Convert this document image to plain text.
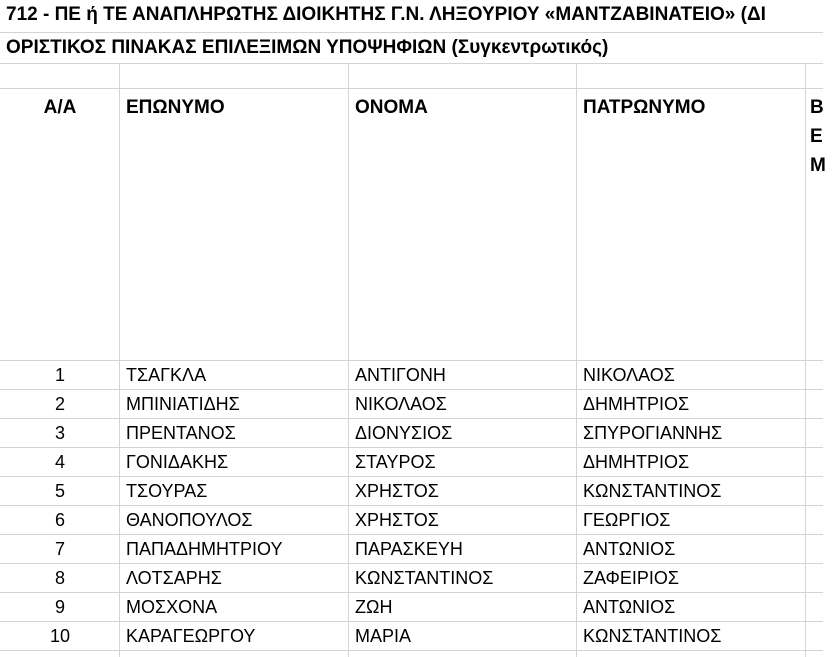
712 - ΠΕ ή ΤΕ ΑΝΑΠΛΗΡΩΤΗΣ ΔΙΟΙΚΗΤΗΣ Γ.Ν. ΛΗΞΟΥΡΙΟΥ «ΜΑΝΤΖΑΒΙΝΑΤΕΙΟ» (ΔΙ
ΟΡΙΣΤΙΚΟΣ ΠΙΝΑΚΑΣ ΕΠΙΛΕΞΙΜΩΝ ΥΠΟΨΗΦΙΩΝ (Συγκεντρωτικός)
Α/Α	ΕΠΩΝΥΜΟ	ΟΝΟΜΑ	ΠΑΤΡΩΝΥΜΟ	Β
Ε
Μ
1	ΤΣΑΓΚΛΑ	ΑΝΤΙΓΟΝΗ	ΝΙΚΟΛΑΟΣ
2	ΜΠΙΝΙΑΤΙΔΗΣ	ΝΙΚΟΛΑΟΣ	ΔΗΜΗΤΡΙΟΣ
3	ΠΡΕΝΤΑΝΟΣ	ΔΙΟΝΥΣΙΟΣ	ΣΠΥΡΟΓΙΑΝΝΗΣ
4	ΓΟΝΙΔΑΚΗΣ	ΣΤΑΥΡΟΣ	ΔΗΜΗΤΡΙΟΣ
5	ΤΣΟΥΡΑΣ	ΧΡΗΣΤΟΣ	ΚΩΝΣΤΑΝΤΙΝΟΣ
6	ΘΑΝΟΠΟΥΛΟΣ	ΧΡΗΣΤΟΣ	ΓΕΩΡΓΙΟΣ
7	ΠΑΠΑΔΗΜΗΤΡΙΟΥ	ΠΑΡΑΣΚΕΥΗ	ΑΝΤΩΝΙΟΣ
8	ΛΟΤΣΑΡΗΣ	ΚΩΝΣΤΑΝΤΙΝΟΣ	ΖΑΦΕΙΡΙΟΣ
9	ΜΟΣΧΟΝΑ	ΖΩΗ	ΑΝΤΩΝΙΟΣ
10	ΚΑΡΑΓΕΩΡΓΟΥ	ΜΑΡΙΑ	ΚΩΝΣΤΑΝΤΙΝΟΣ
